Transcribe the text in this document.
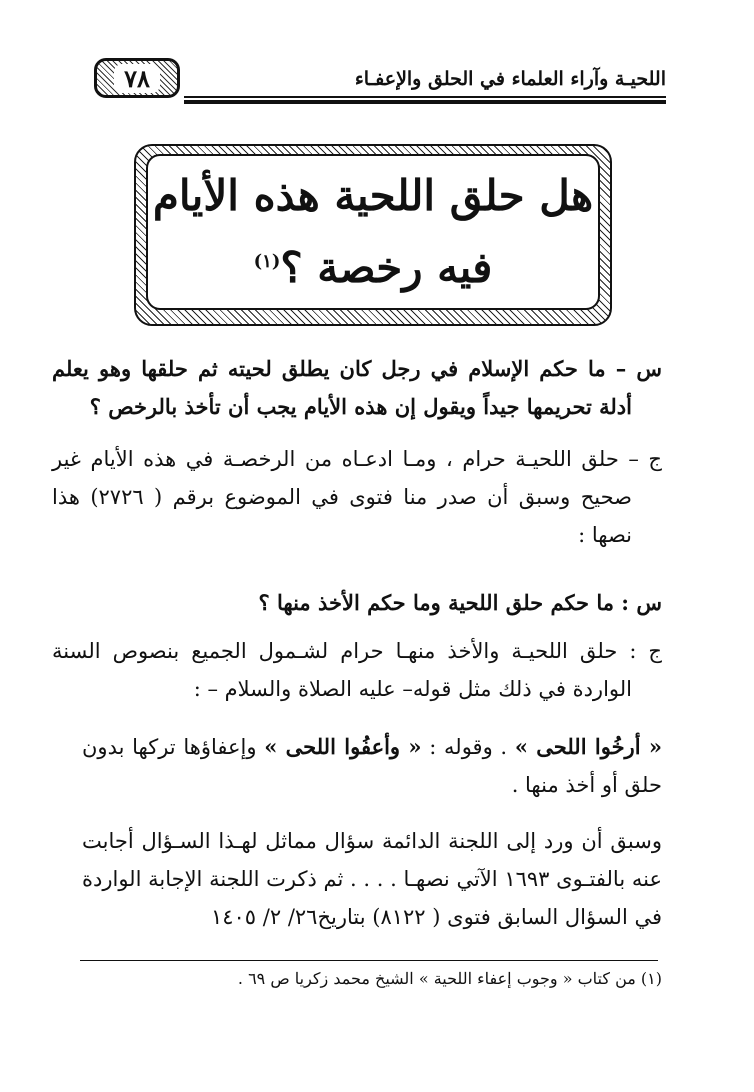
اللحيـة وآراء العلماء في الحلق والإعفـاء
٧٨
هل حلق اللحية هذه الأيام
فيه رخصة ؟$^{(١)}$
س – ما حكم الإسلام في رجل كان يطلق لحيته ثم حلقها وهو يعلم أدلة تحريمها جيداً ويقول إن هذه الأيام يجب أن تأخذ بالرخص ؟
ج – حلق اللحيـة حرام ، ومـا ادعـاه من الرخصـة في هذه الأيام غير صحيح وسبق أن صدر منا فتوى في الموضوع برقم ( ٢٧٢٦) هذا نصها :
س : ما حكم حلق اللحية وما حكم الأخذ منها ؟
ج : حلق اللحيـة والأخذ منهـا حرام لشـمول الجميع بنصوص السنة الواردة في ذلك مثل قوله– عليه الصلاة والسلام – :
« أرخُوا اللحى » . وقوله : « وأعفُوا اللحى » وإعفاؤها تركها بدون حلق أو أخذ منها .
وسبق أن ورد إلى اللجنة الدائمة سؤال مماثل لهـذا السـؤال أجابت عنه بالفتـوى ١٦٩٣ الآتي نصهـا . . . . ثم ذكرت اللجنة الإجابة الواردة في السؤال السابق فتوى ( ٨١٢٢) بتاريخ٢٦/ ٢/ ١٤٠٥
(١) من كتاب « وجوب إعفاء اللحية » الشيخ محمد زكريا ص ٦٩ .
